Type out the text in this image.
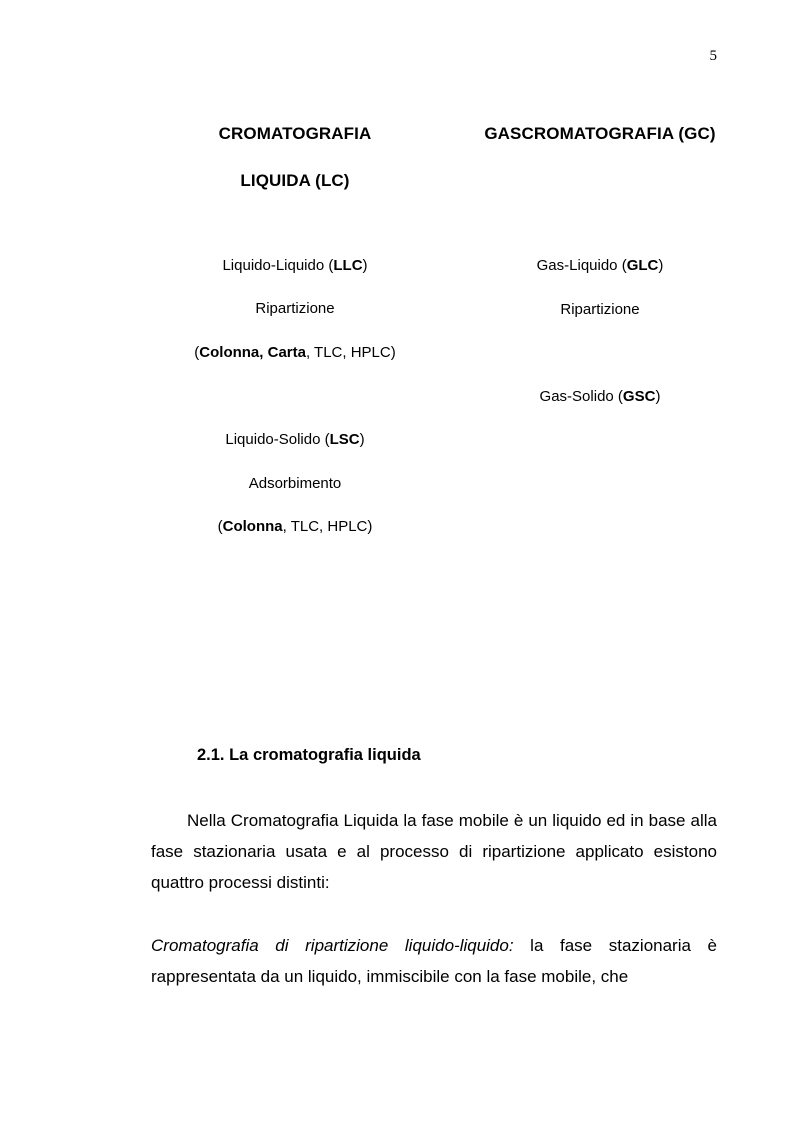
5
CROMATOGRAFIA
LIQUIDA (LC)
Liquido-Liquido (LLC)
Ripartizione
(Colonna, Carta, TLC, HPLC)
Liquido-Solido (LSC)
Adsorbimento
(Colonna, TLC, HPLC)
GASCROMATOGRAFIA (GC)
Gas-Liquido (GLC)
Ripartizione
Gas-Solido (GSC)
2.1. La cromatografia liquida
Nella Cromatografia Liquida la fase mobile è un liquido ed in base alla fase stazionaria usata e al processo di ripartizione applicato esistono quattro processi distinti:
Cromatografia di ripartizione liquido-liquido: la fase stazionaria è rappresentata da un liquido, immiscibile con la fase mobile, che
